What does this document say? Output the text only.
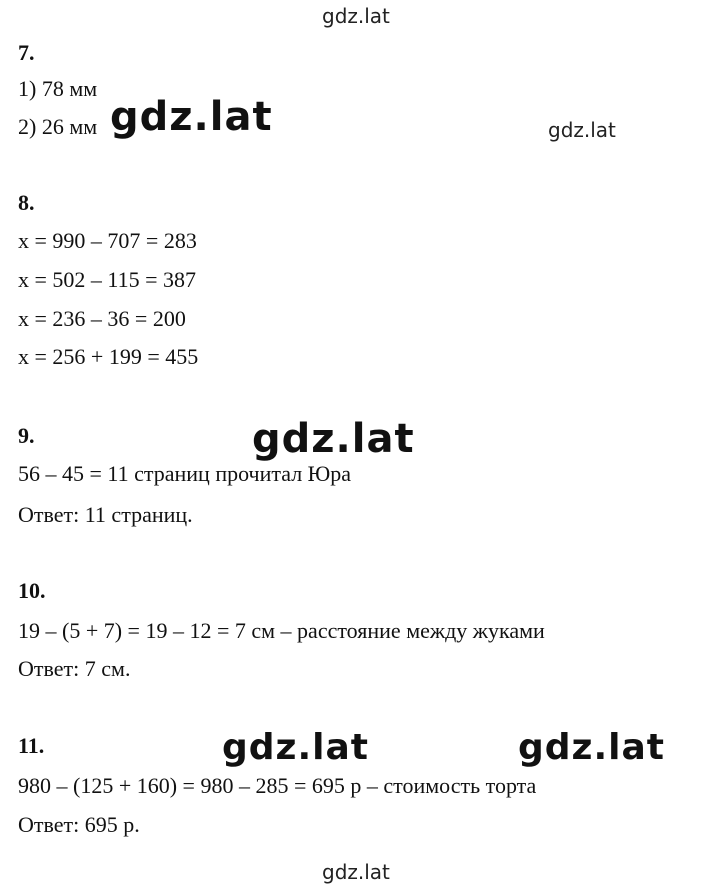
gdz.lat
gdz.lat	gdz.lat
gdz.lat
gdz.lat	gdz.lat
gdz.lat
7.
1) 78 мм
2) 26 мм
8.
x = 990 – 707 = 283
x = 502 – 115 = 387
x = 236 – 36 = 200
x = 256 + 199 = 455
9.
56 – 45 = 11 страниц прочитал Юра
Ответ: 11 страниц.
10.
19 – (5 + 7) = 19 – 12 = 7 см – расстояние между жуками
Ответ: 7 см.
11.
980 – (125 + 160) = 980 – 285 = 695 р – стоимость торта
Ответ: 695 р.
